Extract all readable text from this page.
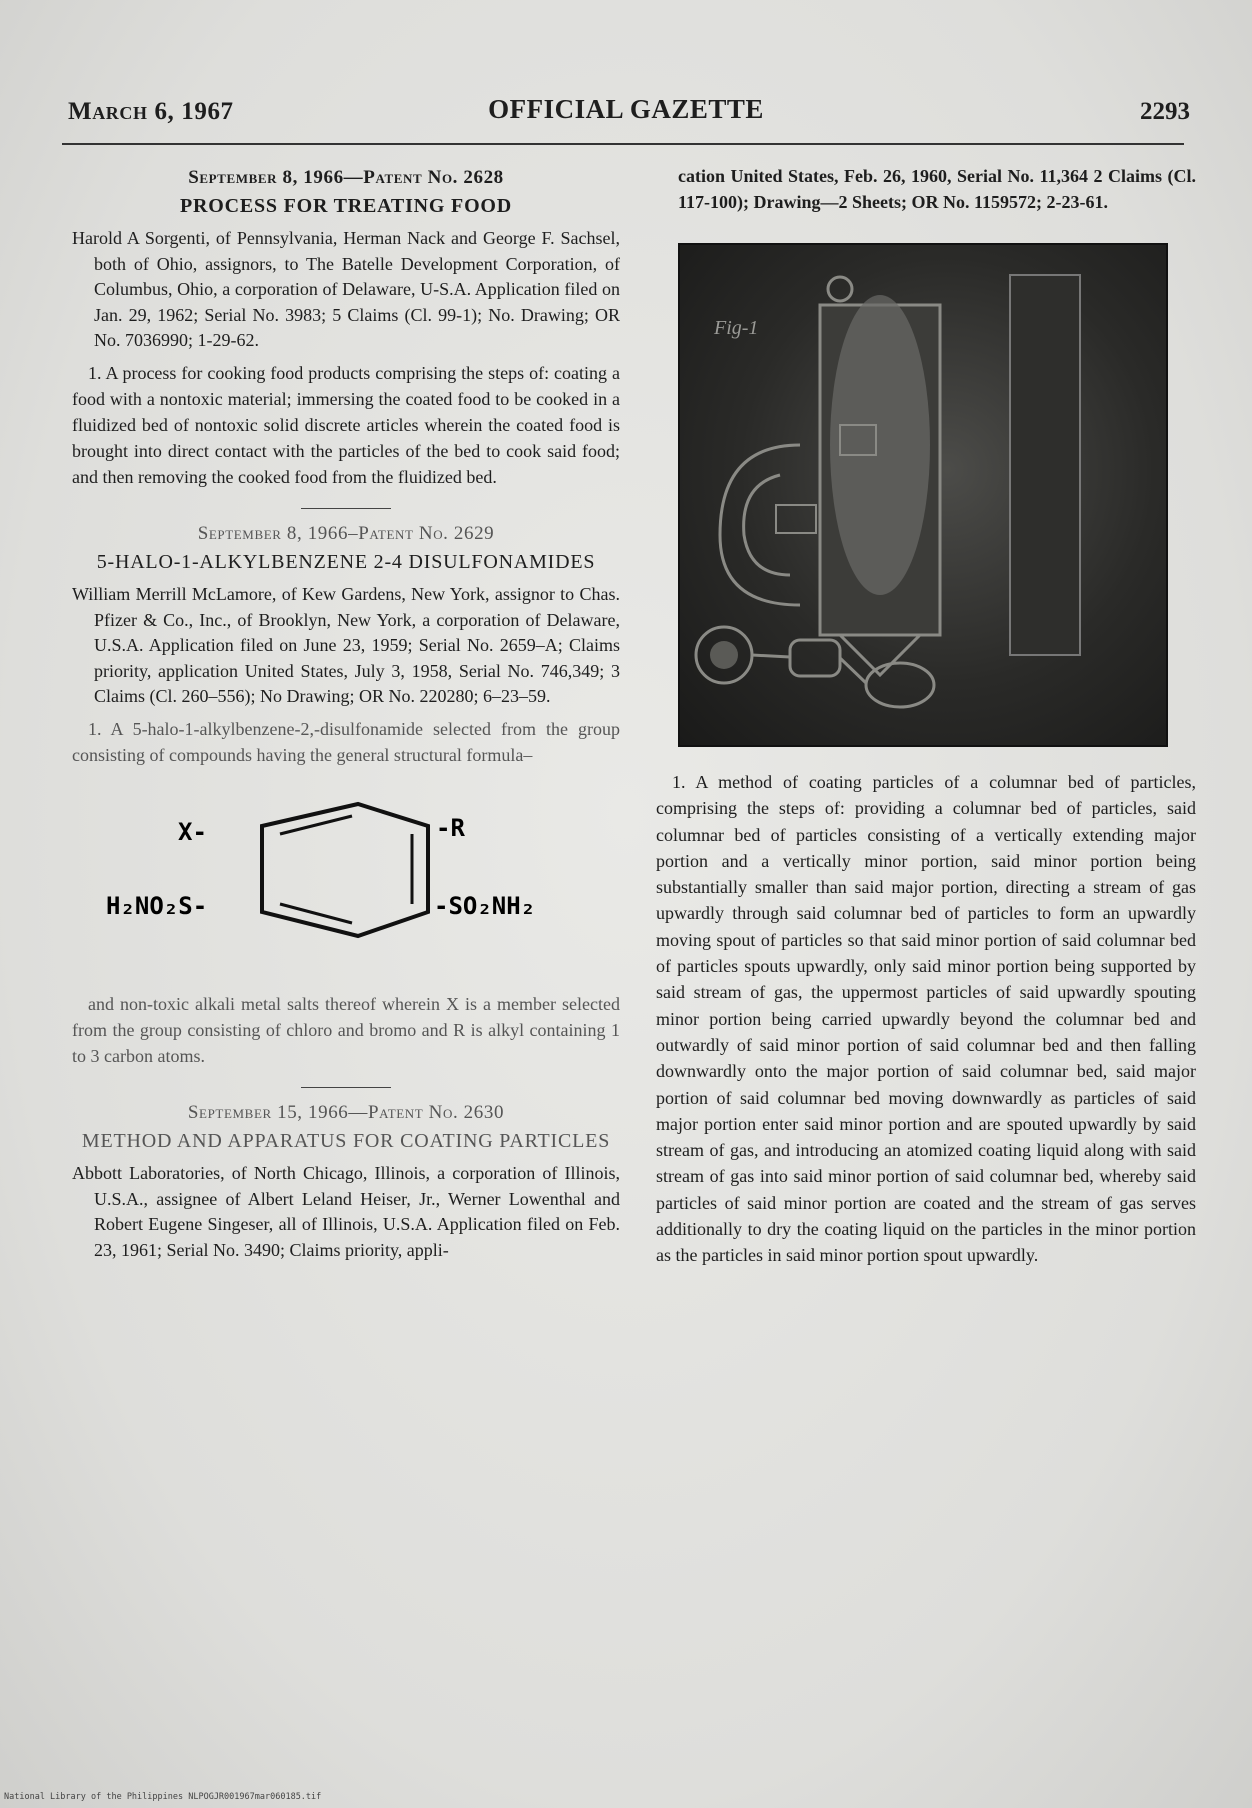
March 6, 1967	OFFICIAL GAZETTE	2293

September 8, 1966—Patent No. 2628

PROCESS FOR TREATING FOOD

Harold A Sorgenti, of Pennsylvania, Herman Nack and George F. Sachsel, both of Ohio, assignors, to The Batelle Development Corporation, of Columbus, Ohio, a corporation of Delaware, U-S.A. Application filed on Jan. 29, 1962; Serial No. 3983; 5 Claims (Cl. 99-1); No. Drawing; OR No. 7036990; 1-29-62.

1. A process for cooking food products comprising the steps of: coating a food with a nontoxic material; immersing the coated food to be cooked in a fluidized bed of nontoxic solid discrete articles wherein the coated food is brought into direct contact with the particles of the bed to cook said food; and then removing the cooked food from the fluidized bed.

September 8, 1966–Patent No. 2629

5-HALO-1-ALKYLBENZENE 2-4 DISULFONAMIDES

William Merrill McLamore, of Kew Gardens, New York, assignor to Chas. Pfizer & Co., Inc., of Brooklyn, New York, a corporation of Delaware, U.S.A. Application filed on June 23, 1959; Serial No. 2659–A; Claims priority, application United States, July 3, 1958, Serial No. 746,349; 3 Claims (Cl. 260–556); No Drawing; OR No. 220280; 6–23–59.

1. A 5-halo-1-alkylbenzene-2,-disulfonamide selected from the group consisting of compounds having the general structural formula–

X-	-R
H₂NO₂S-	-SO₂NH₂

and non-toxic alkali metal salts thereof wherein X is a member selected from the group consisting of chloro and bromo and R is alkyl containing 1 to 3 carbon atoms.

September 15, 1966—Patent No. 2630

METHOD AND APPARATUS FOR COATING PARTICLES

Abbott Laboratories, of North Chicago, Illinois, a corporation of Illinois, U.S.A., assignee of Albert Leland Heiser, Jr., Werner Lowenthal and Robert Eugene Singeser, all of Illinois, U.S.A. Application filed on Feb. 23, 1961; Serial No. 3490; Claims priority, appli-

cation United States, Feb. 26, 1960, Serial No. 11,364 2 Claims (Cl. 117-100); Drawing—2 Sheets; OR No. 1159572; 2-23-61.

Fig-1

1. A method of coating particles of a columnar bed of particles, comprising the steps of: providing a columnar bed of particles, said columnar bed of particles consisting of a vertically extending major portion and a vertically minor portion, said minor portion being substantially smaller than said major portion, directing a stream of gas upwardly through said columnar bed of particles to form an upwardly moving spout of particles so that said minor portion of said columnar bed of particles spouts upwardly, only said minor portion being supported by said stream of gas, the uppermost particles of said upwardly spouting minor portion being carried upwardly beyond the columnar bed and outwardly of said minor portion of said columnar bed and then falling downwardly onto the major portion of said columnar bed, said major portion of said columnar bed moving downwardly as particles of said major portion enter said minor portion and are spouted upwardly by said stream of gas, and introducing an atomized coating liquid along with said stream of gas into said minor portion of said columnar bed, whereby said particles of said minor portion are coated and the stream of gas serves additionally to dry the coating liquid on the particles in the minor portion as the particles in said minor portion spout upwardly.

National Library of the Philippines NLPOGJR001967mar060185.tif
